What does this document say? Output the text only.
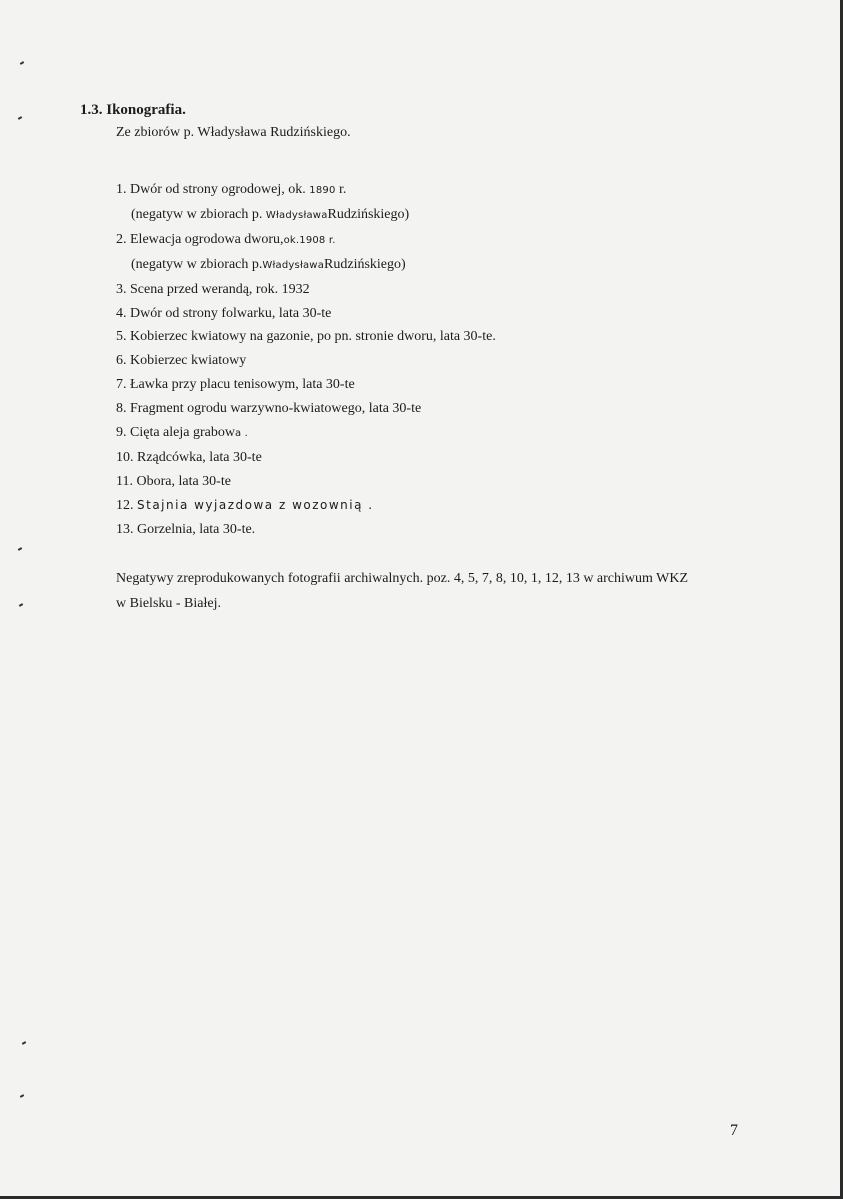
1.3. Ikonografia.
Ze zbiorów p. Władysława Rudzińskiego.
1. Dwór od strony ogrodowej, ok. 1890 r.
(negatyw w zbiorach p. WładysławaRudzińskiego)
2. Elewacja ogrodowa dworu,ok.1908 r.
(negatyw w zbiorach p.WładysławaRudzińskiego)
3. Scena przed werandą, rok. 1932
4. Dwór od strony folwarku, lata 30-te
5. Kobierzec kwiatowy na gazonie, po pn. stronie dworu, lata 30-te.
6. Kobierzec kwiatowy
7. Ławka przy placu tenisowym, lata 30-te
8. Fragment ogrodu warzywno-kwiatowego, lata 30-te
9. Cięta aleja grabowa .
10. Rządcówka, lata 30-te
11. Obora, lata 30-te
12. Stajnia wyjazdowa z wozownią .
13. Gorzelnia, lata 30-te.
Negatywy zreprodukowanych fotografii archiwalnych. poz. 4, 5, 7, 8, 10, 1, 12, 13 w archiwum WKZ
w Bielsku - Białej.
7
